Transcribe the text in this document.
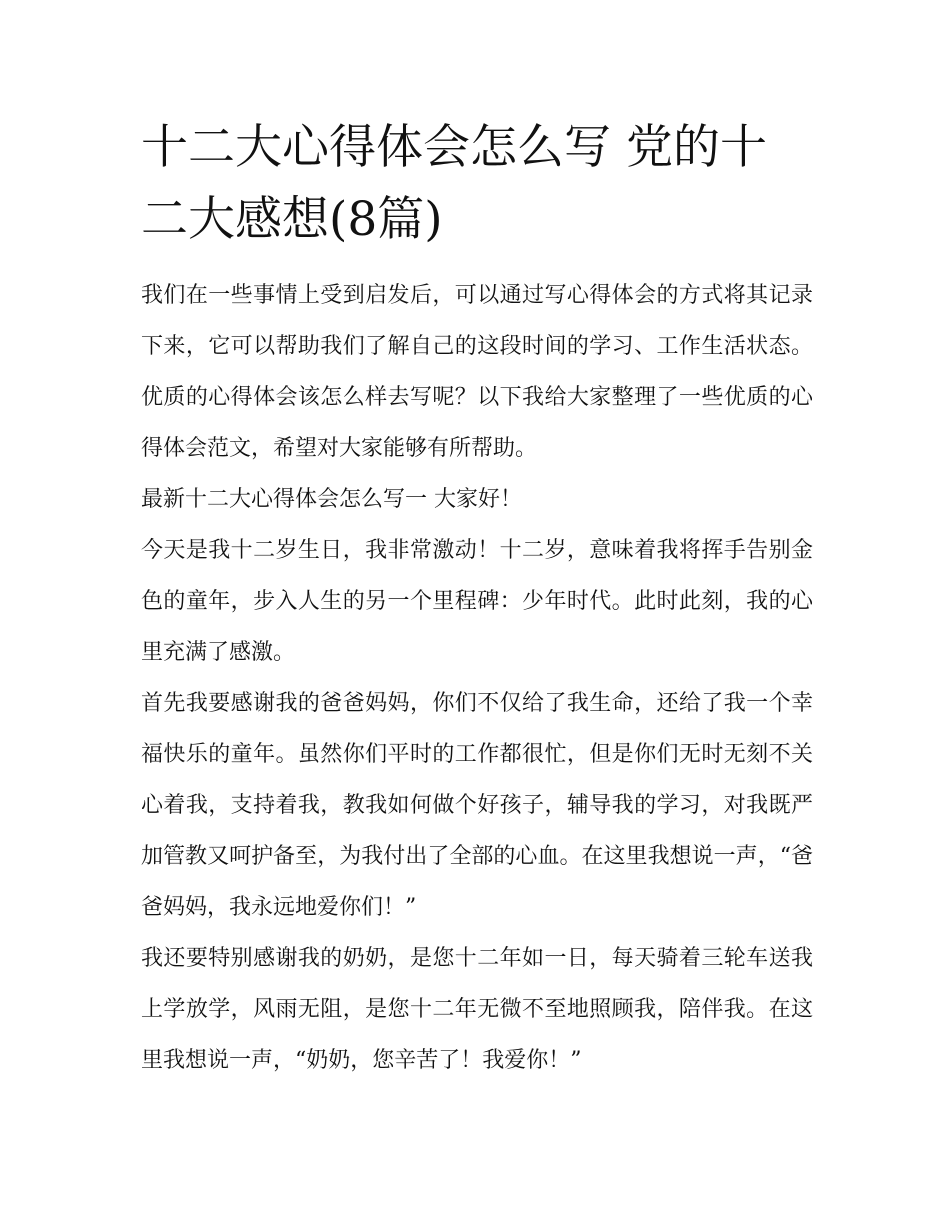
十二大心得体会怎么写 党的十二大感想(8篇)

我们在一些事情上受到启发后，可以通过写心得体会的方式将其记录下来，它可以帮助我们了解自己的这段时间的学习、工作生活状态。优质的心得体会该怎么样去写呢？以下我给大家整理了一些优质的心得体会范文，希望对大家能够有所帮助。

最新十二大心得体会怎么写一 大家好！

今天是我十二岁生日，我非常激动！十二岁，意味着我将挥手告别金色的童年，步入人生的另一个里程碑：少年时代。此时此刻，我的心里充满了感激。

首先我要感谢我的爸爸妈妈，你们不仅给了我生命，还给了我一个幸福快乐的童年。虽然你们平时的工作都很忙，但是你们无时无刻不关心着我，支持着我，教我如何做个好孩子，辅导我的学习，对我既严加管教又呵护备至，为我付出了全部的心血。在这里我想说一声，“爸爸妈妈，我永远地爱你们！”

我还要特别感谢我的奶奶，是您十二年如一日，每天骑着三轮车送我上学放学，风雨无阻，是您十二年无微不至地照顾我，陪伴我。在这里我想说一声，“奶奶，您辛苦了！我爱你！”
